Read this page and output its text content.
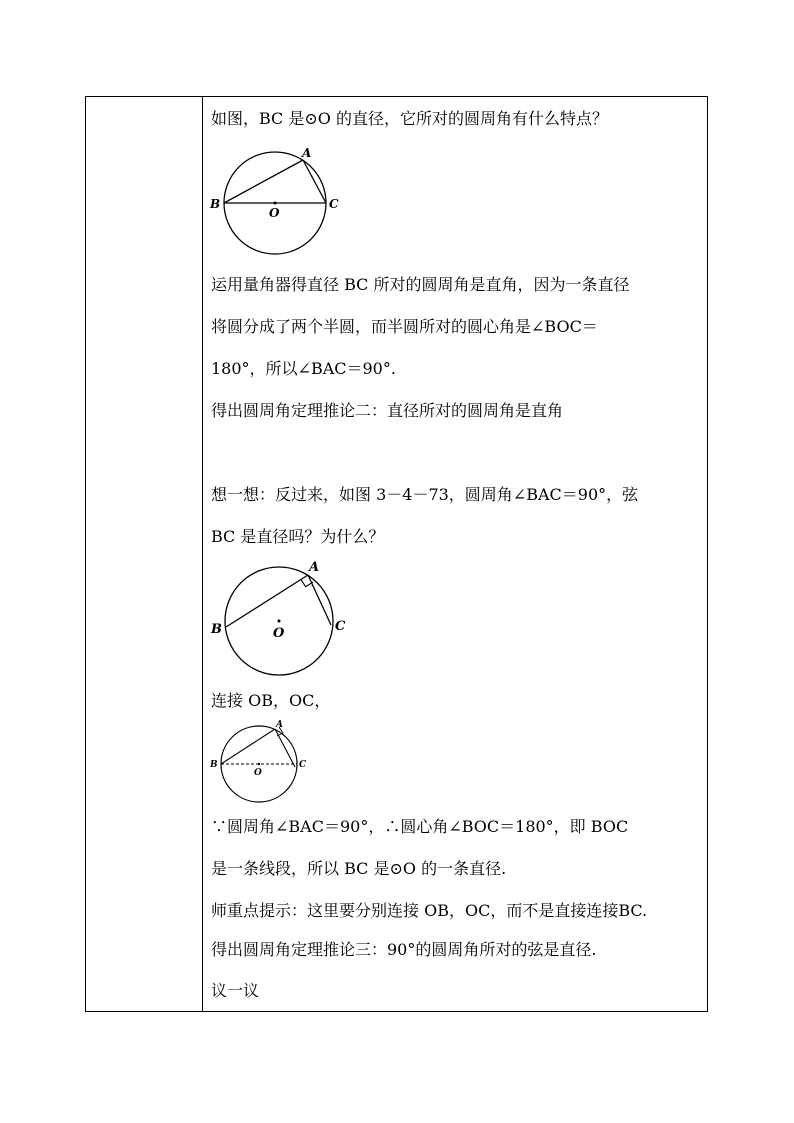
如图，BC 是⊙O 的直径，它所对的圆周角有什么特点？
A
B	C
O
运用量角器得直径 BC 所对的圆周角是直角，因为一条直径
将圆分成了两个半圆，而半圆所对的圆心角是∠BOC＝
180°，所以∠BAC＝90°.
得出圆周角定理推论二：直径所对的圆周角是直角
想一想：反过来，如图 3－4－73，圆周角∠BAC＝90°，弦
BC 是直径吗？为什么？
A
B	C
O
连接 OB，OC，
A
B	C
O
∵圆周角∠BAC＝90°，∴圆心角∠BOC＝180°，即 BOC
是一条线段，所以 BC 是⊙O 的一条直径.
师重点提示：这里要分别连接 OB，OC，而不是直接连接BC.
得出圆周角定理推论三：90°的圆周角所对的弦是直径.
议一议
